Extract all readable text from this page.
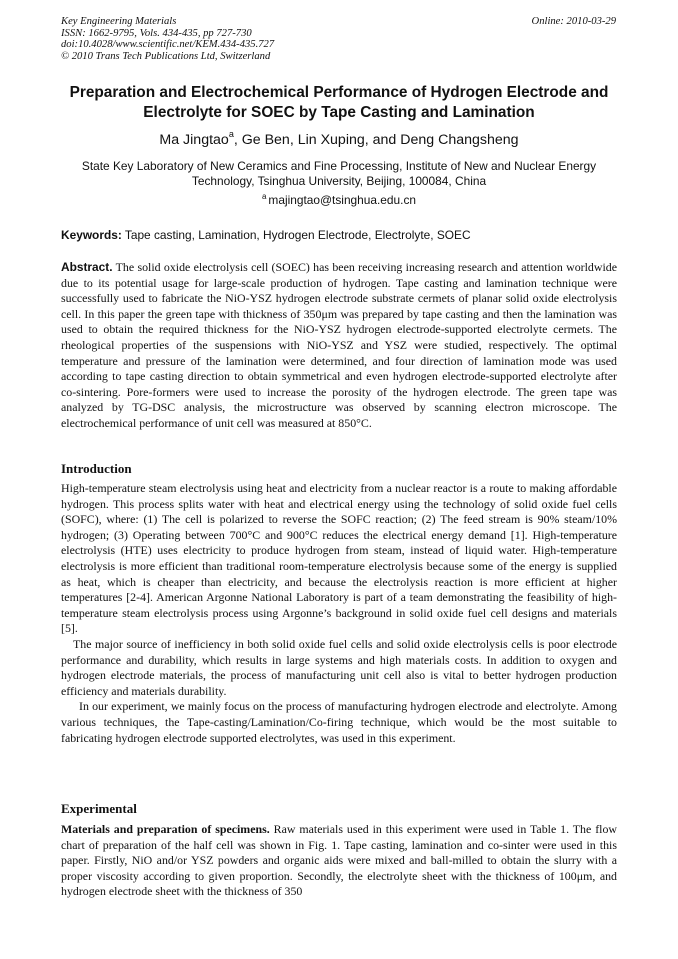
Key Engineering Materials
ISSN: 1662-9795, Vols. 434-435, pp 727-730
doi:10.4028/www.scientific.net/KEM.434-435.727
© 2010 Trans Tech Publications Ltd, Switzerland
Online: 2010-03-29
Preparation and Electrochemical Performance of Hydrogen Electrode and Electrolyte for SOEC by Tape Casting and Lamination
Ma Jingtao$^a$, Ge Ben, Lin Xuping, and Deng Changsheng
State Key Laboratory of New Ceramics and Fine Processing, Institute of New and Nuclear Energy Technology, Tsinghua University, Beijing, 100084, China
$^a$ majingtao@tsinghua.edu.cn
Keywords: Tape casting, Lamination, Hydrogen Electrode, Electrolyte, SOEC
Abstract. The solid oxide electrolysis cell (SOEC) has been receiving increasing research and attention worldwide due to its potential usage for large-scale production of hydrogen. Tape casting and lamination technique were successfully used to fabricate the NiO-YSZ hydrogen electrode substrate cermets of planar solid oxide electrolysis cell. In this paper the green tape with thickness of 350μm was prepared by tape casting and then the lamination was used to obtain the required thickness for the NiO-YSZ hydrogen electrode-supported electrolyte cermets. The rheological properties of the suspensions with NiO-YSZ and YSZ were studied, respectively. The optimal temperature and pressure of the lamination were determined, and four direction of lamination mode was used according to tape casting direction to obtain symmetrical and even hydrogen electrode-supported electrolyte after co-sintering. Pore-formers were used to increase the porosity of the hydrogen electrode. The green tape was analyzed by TG-DSC analysis, the microstructure was observed by scanning electron microscope. The electrochemical performance of unit cell was measured at 850°C.
Introduction

High-temperature steam electrolysis using heat and electricity from a nuclear reactor is a route to making affordable hydrogen. This process splits water with heat and electrical energy using the technology of solid oxide fuel cells (SOFC), where: (1) The cell is polarized to reverse the SOFC reaction; (2) The feed stream is 90% steam/10% hydrogen; (3) Operating between 700°C and 900°C reduces the electrical energy demand [1]. High-temperature electrolysis (HTE) uses electricity to produce hydrogen from steam, instead of liquid water. High-temperature electrolysis is more efficient than traditional room-temperature electrolysis because some of the energy is supplied as heat, which is cheaper than electricity, and because the electrolysis reaction is more efficient at higher temperatures [2-4]. American Argonne National Laboratory is part of a team demonstrating the feasibility of high-temperature steam electrolysis process using Argonne’s background in solid oxide fuel cell designs and materials [5].

The major source of inefficiency in both solid oxide fuel cells and solid oxide electrolysis cells is poor electrode performance and durability, which results in large systems and high materials costs. In addition to oxygen and hydrogen electrode materials, the process of manufacturing unit cell also is vital to better hydrogen production efficiency and materials durability.

In our experiment, we mainly focus on the process of manufacturing hydrogen electrode and electrolyte. Among various techniques, the Tape-casting/Lamination/Co-firing technique, which would be the most suitable to fabricating hydrogen electrode supported electrolytes, was used in this experiment.

Experimental
Materials and preparation of specimens. Raw materials used in this experiment were used in Table 1. The flow chart of preparation of the half cell was shown in Fig. 1. Tape casting, lamination and co-sinter were used in this paper. Firstly, NiO and/or YSZ powders and organic aids were mixed and ball-milled to obtain the slurry with a proper viscosity according to given proportion. Secondly, the electrolyte sheet with the thickness of 100μm, and hydrogen electrode sheet with the thickness of 350
